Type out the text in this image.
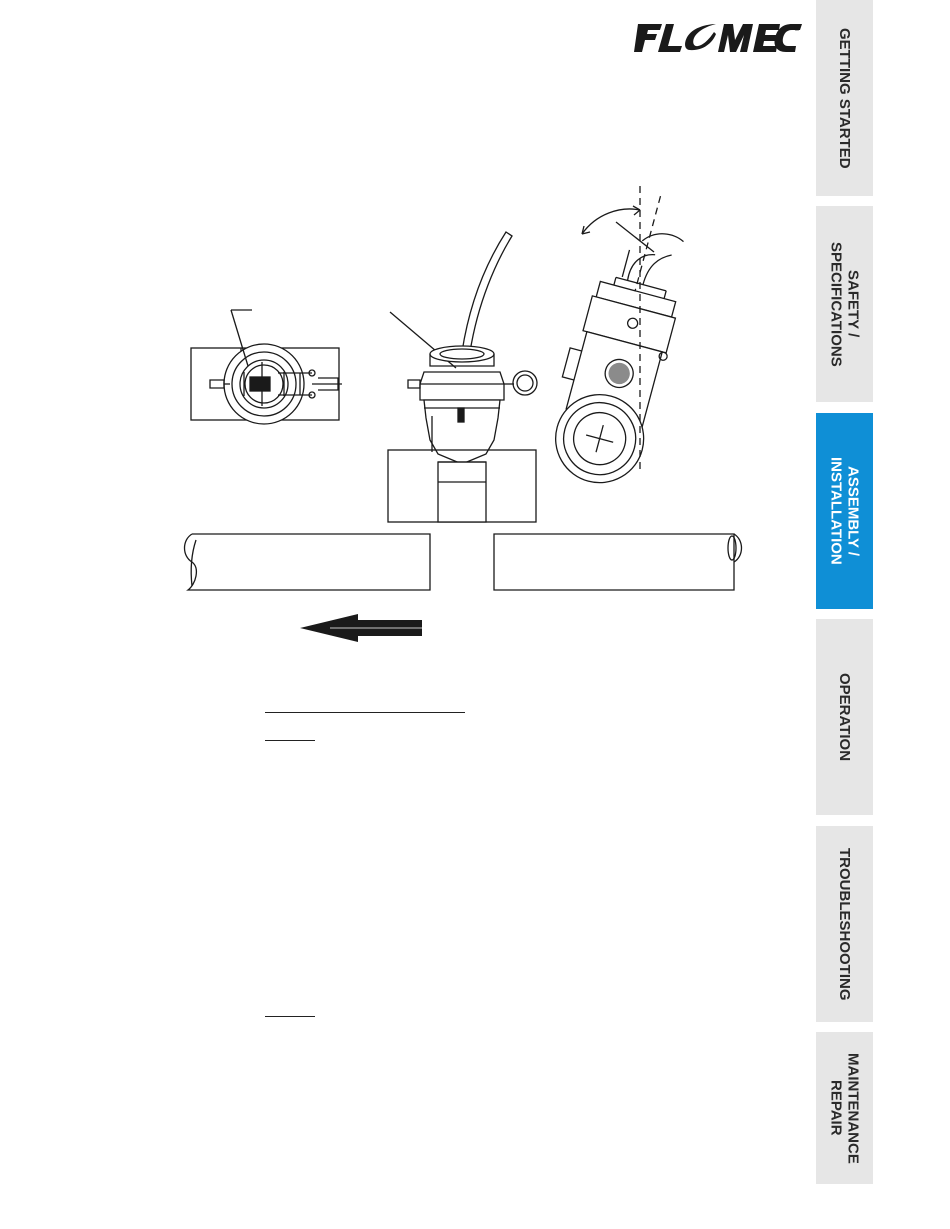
® GETTING STARTED
SAFETY /
SPECIFICATIONS
ASSEMBLY /
INSTALLATION
OPERATION
TROUBLESHOOTING
MAINTENANCE
REPAIR
